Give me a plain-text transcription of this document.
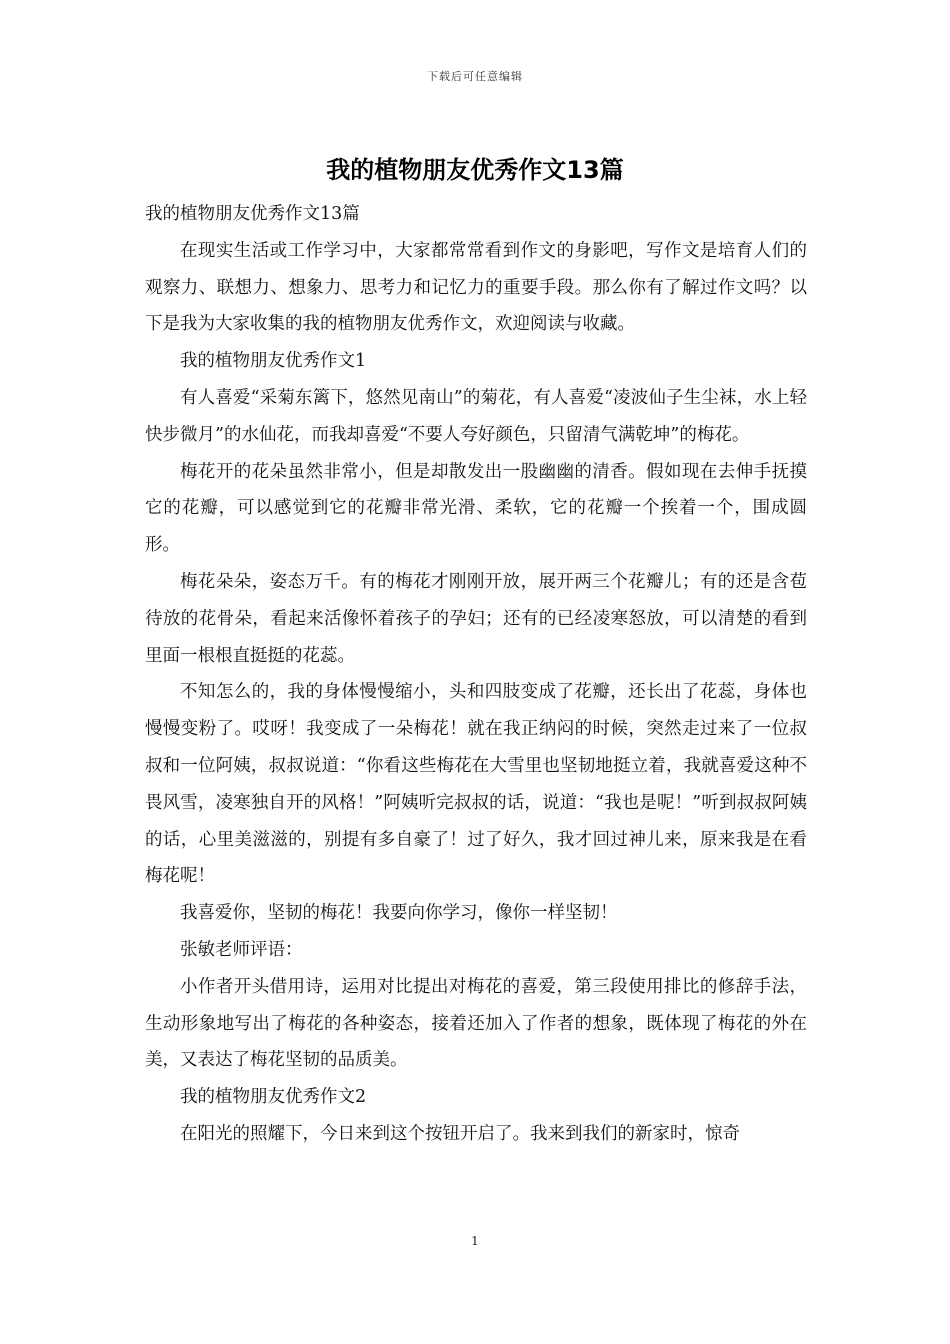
下载后可任意编辑
我的植物朋友优秀作文13篇

我的植物朋友优秀作文13篇

在现实生活或工作学习中，大家都常常看到作文的身影吧，写作文是培育人们的观察力、联想力、想象力、思考力和记忆力的重要手段。那么你有了解过作文吗？以下是我为大家收集的我的植物朋友优秀作文，欢迎阅读与收藏。

我的植物朋友优秀作文1

有人喜爱“采菊东篱下，悠然见南山”的菊花，有人喜爱“凌波仙子生尘袜，水上轻快步微月”的水仙花，而我却喜爱“不要人夸好颜色，只留清气满乾坤”的梅花。

梅花开的花朵虽然非常小，但是却散发出一股幽幽的清香。假如现在去伸手抚摸它的花瓣，可以感觉到它的花瓣非常光滑、柔软，它的花瓣一个挨着一个，围成圆形。

梅花朵朵，姿态万千。有的梅花才刚刚开放，展开两三个花瓣儿；有的还是含苞待放的花骨朵，看起来活像怀着孩子的孕妇；还有的已经凌寒怒放，可以清楚的看到里面一根根直挺挺的花蕊。

不知怎么的，我的身体慢慢缩小，头和四肢变成了花瓣，还长出了花蕊，身体也慢慢变粉了。哎呀！我变成了一朵梅花！就在我正纳闷的时候，突然走过来了一位叔叔和一位阿姨，叔叔说道：“你看这些梅花在大雪里也坚韧地挺立着，我就喜爱这种不畏风雪，凌寒独自开的风格！”阿姨听完叔叔的话，说道：“我也是呢！”听到叔叔阿姨的话，心里美滋滋的，别提有多自豪了！过了好久，我才回过神儿来，原来我是在看梅花呢！

我喜爱你，坚韧的梅花！我要向你学习，像你一样坚韧！

张敏老师评语：

小作者开头借用诗，运用对比提出对梅花的喜爱，第三段使用排比的修辞手法，生动形象地写出了梅花的各种姿态，接着还加入了作者的想象，既体现了梅花的外在美，又表达了梅花坚韧的品质美。

我的植物朋友优秀作文2

在阳光的照耀下，今日来到这个按钮开启了。我来到我们的新家时，惊奇

1
